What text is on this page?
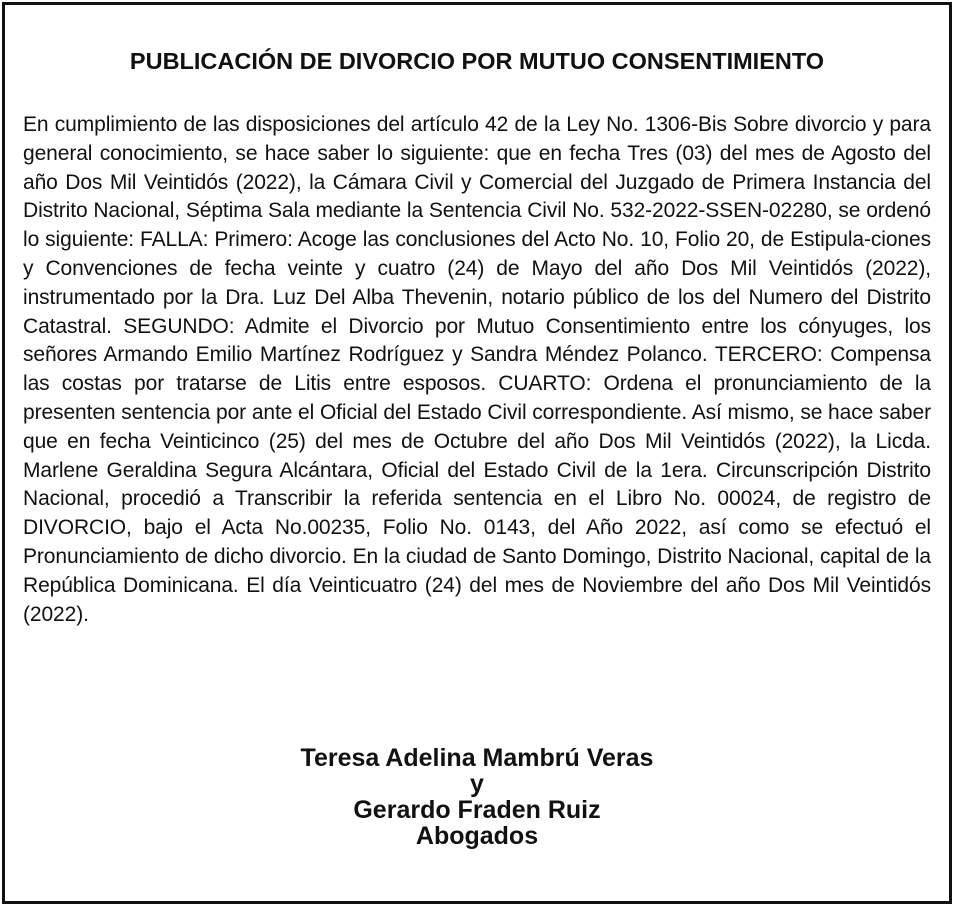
PUBLICACIÓN DE DIVORCIO POR MUTUO CONSENTIMIENTO

En cumplimiento de las disposiciones del artículo 42 de la Ley No. 1306-Bis Sobre divorcio y para general conocimiento, se hace saber lo siguiente: que en fecha Tres (03) del mes de Agosto del año Dos Mil Veintidós (2022), la Cámara Civil y Comercial del Juzgado de Primera Instancia del Distrito Nacional, Séptima Sala mediante la Sentencia Civil No. 532-2022-SSEN-02280, se ordenó lo siguiente: FALLA: Primero: Acoge las conclusiones del Acto No. 10, Folio 20, de Estipula-ciones y Convenciones de fecha veinte y cuatro (24) de Mayo del año Dos Mil Veintidós (2022), instrumentado por la Dra. Luz Del Alba Thevenin, notario público de los del Numero del Distrito Catastral. SEGUNDO: Admite el Divorcio por Mutuo Consentimiento entre los cónyuges, los señores Armando Emilio Martínez Rodríguez y Sandra Méndez Polanco. TERCERO: Compensa las costas por tratarse de Litis entre esposos. CUARTO: Ordena el pronunciamiento de la presenten sentencia por ante el Oficial del Estado Civil correspondiente. Así mismo, se hace saber que en fecha Veinticinco (25) del mes de Octubre del año Dos Mil Veintidós (2022), la Licda. Marlene Geraldina Segura Alcántara, Oficial del Estado Civil de la 1era. Circunscripción Distrito Nacional, procedió a Transcribir la referida sentencia en el Libro No. 00024, de registro de DIVORCIO, bajo el Acta No.00235, Folio No. 0143, del Año 2022, así como se efectuó el Pronunciamiento de dicho divorcio. En la ciudad de Santo Domingo, Distrito Nacional, capital de la República Dominicana. El día Veinticuatro (24) del mes de Noviembre del año Dos Mil Veintidós (2022).

Teresa Adelina Mambrú Veras
y
Gerardo Fraden Ruiz
Abogados
